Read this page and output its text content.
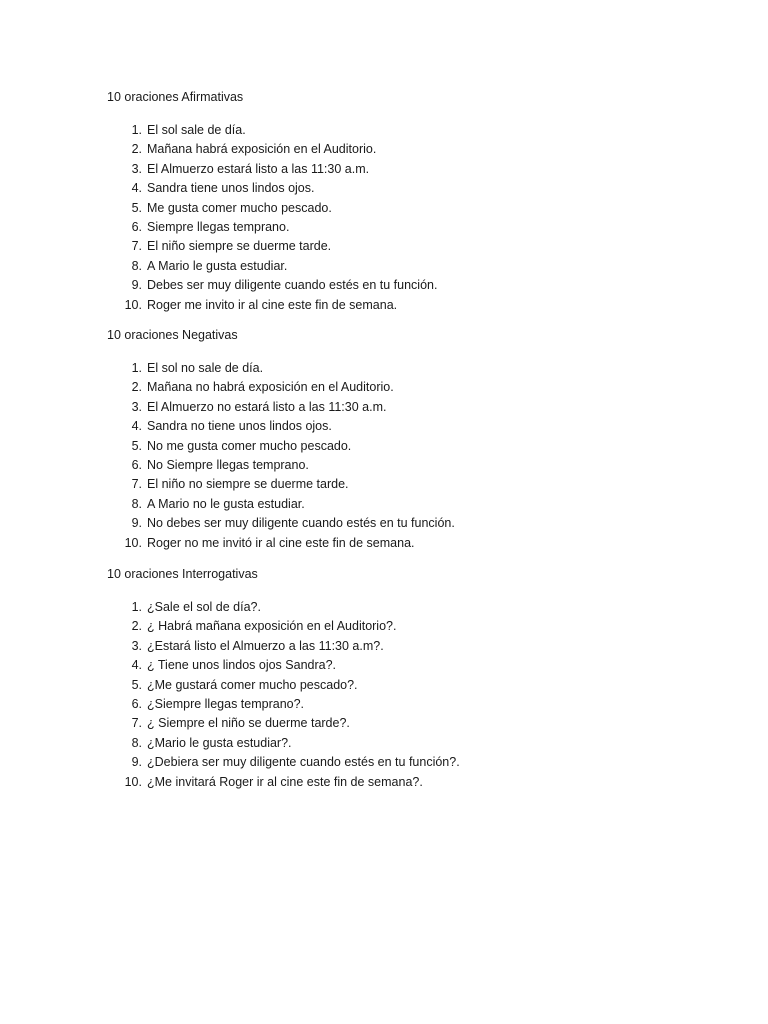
10 oraciones Afirmativas
1. El sol sale de día.
2. Mañana habrá exposición en el Auditorio.
3. El Almuerzo estará listo a las 11:30 a.m.
4. Sandra tiene unos lindos ojos.
5. Me gusta comer mucho pescado.
6. Siempre llegas temprano.
7. El niño siempre se duerme tarde.
8. A Mario le gusta estudiar.
9. Debes ser muy diligente cuando estés en tu función.
10. Roger me invito ir al cine este fin de semana.
10 oraciones Negativas
1. El sol no sale de día.
2. Mañana no habrá exposición en el Auditorio.
3. El Almuerzo no estará listo a las 11:30 a.m.
4. Sandra no tiene unos lindos ojos.
5. No me gusta comer mucho pescado.
6. No Siempre llegas temprano.
7. El niño no siempre se duerme tarde.
8. A Mario no le gusta estudiar.
9. No debes ser muy diligente cuando estés en tu función.
10. Roger no me invitó ir al cine este fin de semana.
10 oraciones Interrogativas
1. ¿Sale el sol de día?.
2. ¿ Habrá mañana exposición en el Auditorio?.
3. ¿Estará listo el Almuerzo a las 11:30 a.m?.
4. ¿ Tiene unos lindos ojos Sandra?.
5. ¿Me gustará comer mucho pescado?.
6. ¿Siempre llegas temprano?.
7. ¿ Siempre el niño se duerme tarde?.
8. ¿Mario le gusta estudiar?.
9. ¿Debiera ser muy diligente cuando estés en tu función?.
10. ¿Me invitará Roger ir al cine este fin de semana?.
